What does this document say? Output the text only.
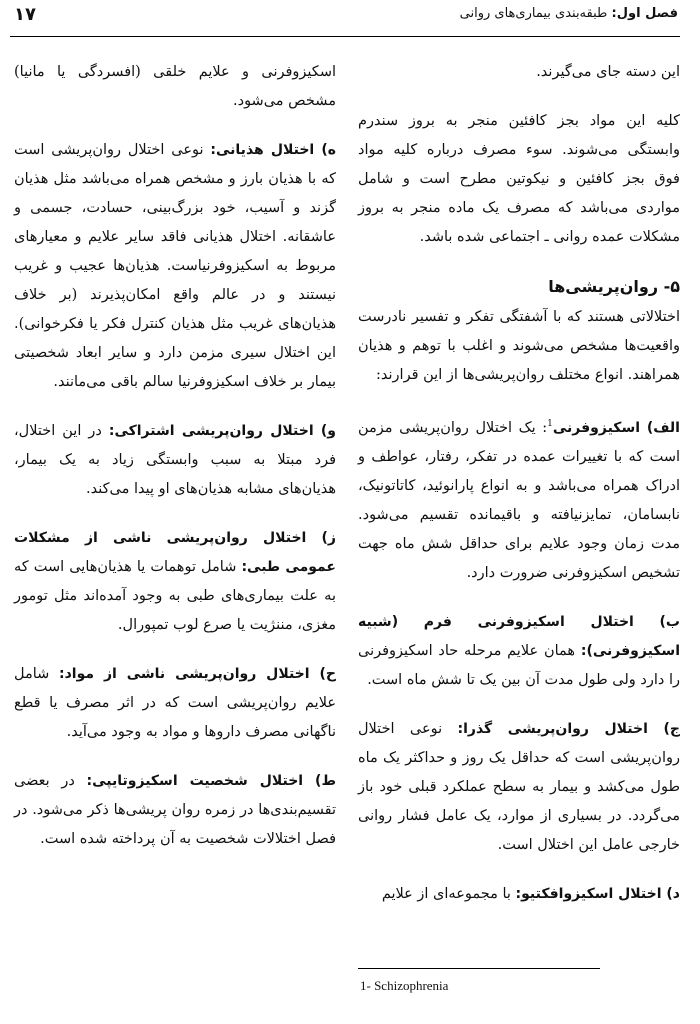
فصل اول: طبقه‌بندی بیماری‌های روانی
۱۷

این دسته جای می‌گیرند.

کلیه این مواد بجز کافئین منجر به بروز سندرم وابستگی می‌شوند. سوء مصرف درباره کلیه مواد فوق بجز کافئین و نیکوتین مطرح است و شامل مواردی می‌باشد که مصرف یک ماده منجر به بروز مشکلات عمده روانی ـ اجتماعی شده باشد.

۵- روان‌پریشی‌ها

اختلالاتی هستند که با آشفتگی تفکر و تفسیر نادرست واقعیت‌ها مشخص می‌شوند و اغلب با توهم و هذیان همراهند. انواع مختلف روان‌پریشی‌ها از این قرارند:

الف) اسکیزوفرنی$^1$: یک اختلال روان‌پریشی مزمن است که با تغییرات عمده در تفکر، رفتار، عواطف و ادراک همراه می‌باشد و به انواع پارانوئید، کاتاتونیک، نابسامان، تمایزنیافته و باقیمانده تقسیم می‌شود. مدت زمان وجود علایم برای حداقل شش ماه جهت تشخیص اسکیزوفرنی ضرورت دارد.

ب) اختلال اسکیزوفرنی فرم (شبیه اسکیزوفرنی): همان علایم مرحله حاد اسکیزوفرنی را دارد ولی طول مدت آن بین یک تا شش ماه است.

ج) اختلال روان‌پریشی گذرا: نوعی اختلال روان‌پریشی است که حداقل یک روز و حداکثر یک ماه طول می‌کشد و بیمار به سطح عملکرد قبلی خود باز می‌گردد. در بسیاری از موارد، یک عامل فشار روانی خارجی عامل این اختلال است.

د) اختلال اسکیزوافکتیو: با مجموعه‌ای از علایم

اسکیزوفرنی و علایم خلقی (افسردگی یا مانیا) مشخص می‌شود.

ه) اختلال هذیانی: نوعی اختلال روان‌پریشی است که با هذیان بارز و مشخص همراه می‌باشد مثل هذیان گزند و آسیب، خود بزرگ‌بینی، حسادت، جسمی و عاشقانه. اختلال هذیانی فاقد سایر علایم و معیارهای مربوط به اسکیزوفرنیاست. هذیان‌ها عجیب و غریب نیستند و در عالم واقع امکان‌پذیرند (بر خلاف هذیان‌های غریب مثل هذیان کنترل فکر یا فکرخوانی). این اختلال سیری مزمن دارد و سایر ابعاد شخصیتی بیمار بر خلاف اسکیزوفرنیا سالم باقی می‌مانند.

و) اختلال روان‌پریشی اشتراکی: در این اختلال، فرد مبتلا به سبب وابستگی زیاد به یک بیمار، هذیان‌های مشابه هذیان‌های او پیدا می‌کند.

ز) اختلال روان‌پریشی ناشی از مشکلات عمومی طبی: شامل توهمات یا هذیان‌هایی است که به علت بیماری‌های طبی به وجود آمده‌اند مثل تومور مغزی، مننژیت یا صرع لوب تمپورال.

ح) اختلال روان‌پریشی ناشی از مواد: شامل علایم روان‌پریشی است که در اثر مصرف یا قطع ناگهانی مصرف داروها و مواد به وجود می‌آید.

ط) اختلال شخصیت اسکیزوتایپی: در بعضی تقسیم‌بندی‌ها در زمره روان پریشی‌ها ذکر می‌شود. در فصل اختلالات شخصیت به آن پرداخته شده است.

1- Schizophrenia
